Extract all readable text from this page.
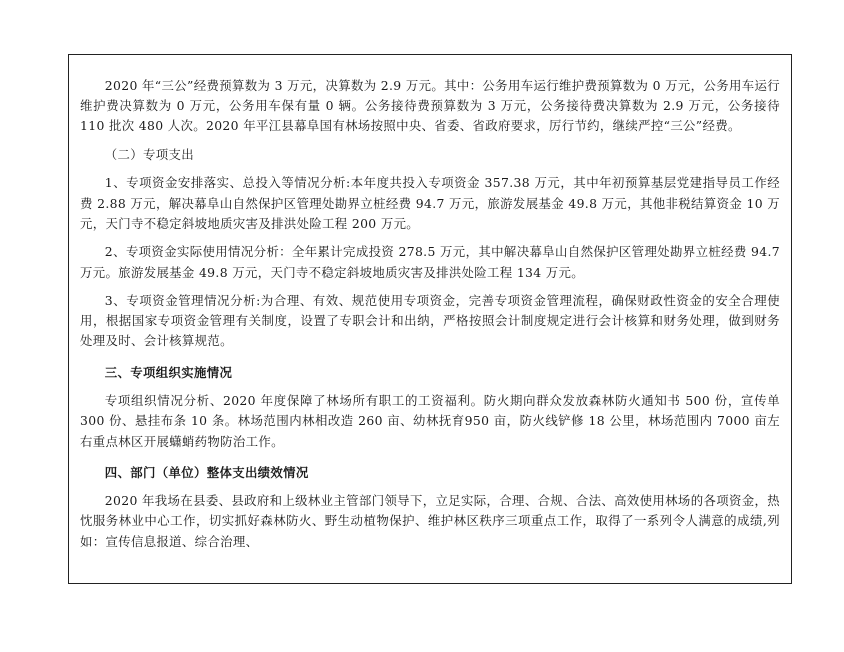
2020 年“三公”经费预算数为 3 万元，决算数为 2.9 万元。其中：公务用车运行维护费预算数为 0 万元，公务用车运行维护费决算数为 0 万元，公务用车保有量 0 辆。公务接待费预算数为 3 万元，公务接待费决算数为 2.9 万元，公务接待 110 批次 480 人次。2020 年平江县幕阜国有林场按照中央、省委、省政府要求，厉行节约，继续严控“三公”经费。

（二）专项支出

1、专项资金安排落实、总投入等情况分析:本年度共投入专项资金 357.38 万元，其中年初预算基层党建指导员工作经费 2.88 万元，解决幕阜山自然保护区管理处勘界立桩经费 94.7 万元，旅游发展基金 49.8 万元，其他非税结算资金 10 万元，天门寺不稳定斜坡地质灾害及排洪处险工程 200 万元。

2、专项资金实际使用情况分析：全年累计完成投资 278.5 万元，其中解决幕阜山自然保护区管理处勘界立桩经费 94.7 万元。旅游发展基金 49.8 万元，天门寺不稳定斜坡地质灾害及排洪处险工程 134 万元。

3、专项资金管理情况分析:为合理、有效、规范使用专项资金，完善专项资金管理流程，确保财政性资金的安全合理使用，根据国家专项资金管理有关制度，设置了专职会计和出纳，严格按照会计制度规定进行会计核算和财务处理，做到财务处理及时、会计核算规范。

三、专项组织实施情况

专项组织情况分析、2020 年度保障了林场所有职工的工资福利。防火期向群众发放森林防火通知书 500 份，宣传单 300 份、悬挂布条 10 条。林场范围内林相改造 260 亩、幼林抚育950 亩，防火线铲修 18 公里，林场范围内 7000 亩左右重点林区开展蟏蛸药物防治工作。

四、部门（单位）整体支出绩效情况

2020 年我场在县委、县政府和上级林业主管部门领导下，立足实际，合理、合规、合法、高效使用林场的各项资金，热忱服务林业中心工作，切实抓好森林防火、野生动植物保护、维护林区秩序三项重点工作，取得了一系列令人满意的成绩,列如：宣传信息报道、综合治理、
